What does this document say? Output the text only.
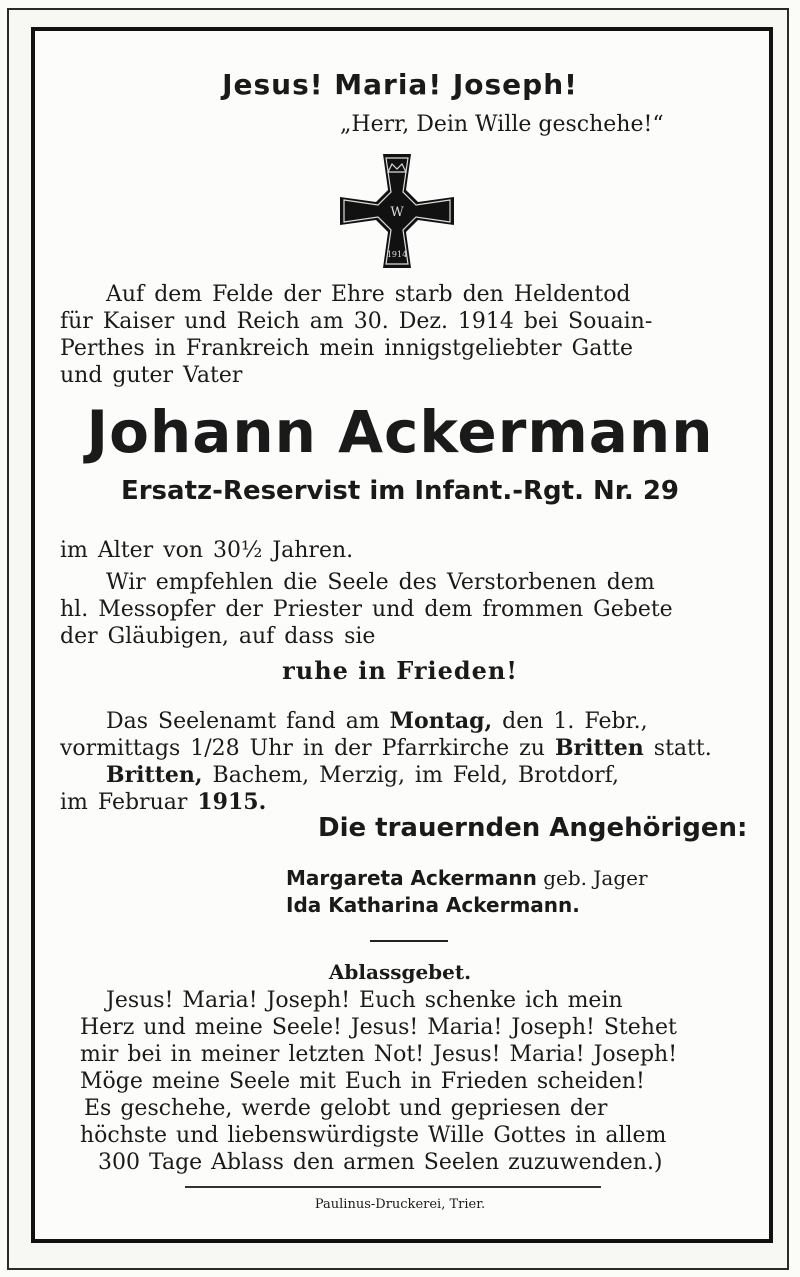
Jesus! Maria! Joseph!
„Herr, Dein Wille geschehe!“
W
1914
Auf dem Felde der Ehre starb den Heldentod
für Kaiser und Reich am 30. Dez. 1914 bei Souain-
Perthes in Frankreich mein innigstgeliebter Gatte
und guter Vater
Johann Ackermann
Ersatz-Reservist im Infant.-Rgt. Nr. 29
im Alter von 30½ Jahren.
Wir empfehlen die Seele des Verstorbenen dem
hl. Messopfer der Priester und dem frommen Gebete
der Gläubigen, auf dass sie
ruhe in Frieden!
Das Seelenamt fand am Montag, den 1. Febr.,
vormittags 1/28 Uhr in der Pfarrkirche zu Britten statt.
Britten, Bachem, Merzig, im Feld, Brotdorf,
im Februar 1915.
Die trauernden Angehörigen:
Margareta Ackermann geb. Jager
Ida Katharina Ackermann.
Ablassgebet.
Jesus! Maria! Joseph! Euch schenke ich mein
Herz und meine Seele! Jesus! Maria! Joseph! Stehet
mir bei in meiner letzten Not! Jesus! Maria! Joseph!
Möge meine Seele mit Euch in Frieden scheiden!
Es geschehe, werde gelobt und gepriesen der
höchste und liebenswürdigste Wille Gottes in allem
300 Tage Ablass den armen Seelen zuzuwenden.)
Paulinus-Druckerei, Trier.
